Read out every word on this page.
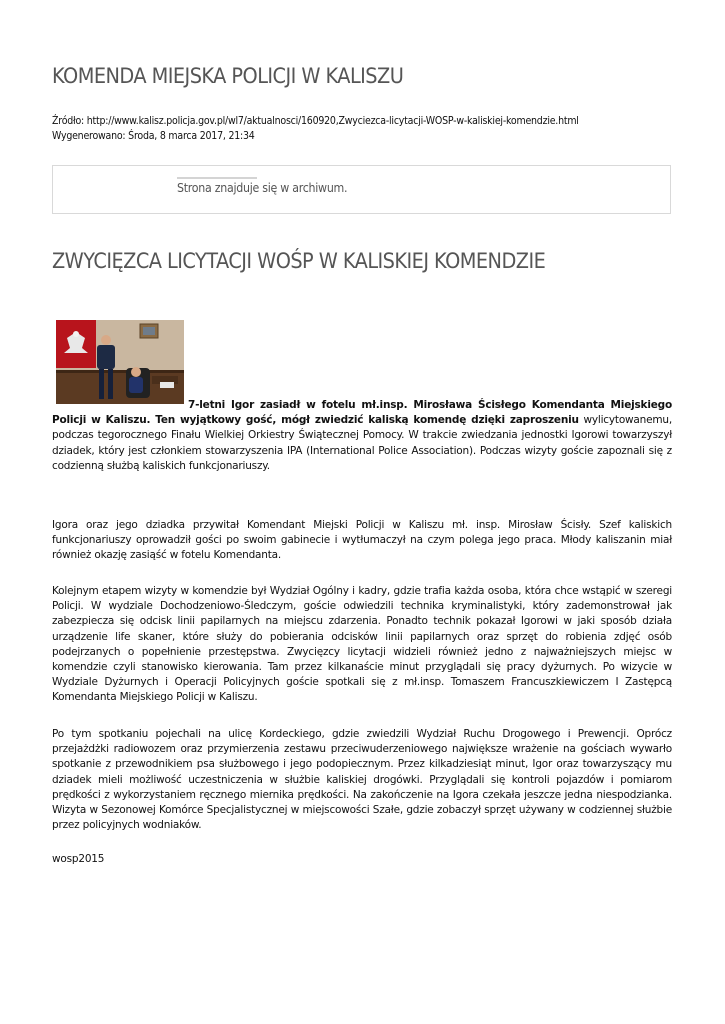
KOMENDA MIEJSKA POLICJI W KALISZU
Źródło: http://www.kalisz.policja.gov.pl/wl7/aktualnosci/160920,Zwyciezca-licytacji-WOSP-w-kaliskiej-komendzie.html
Wygenerowano: Środa, 8 marca 2017, 21:34
Strona znajduje się w archiwum.
ZWYCIĘZCA LICYTACJI WOŚP W KALISKIEJ KOMENDZIE

7-letni Igor zasiadł w fotelu mł.insp. Mirosława Ścisłego Komendanta Miejskiego Policji w Kaliszu. Ten wyjątkowy gość, mógł zwiedzić kaliską komendę dzięki zaproszeniu wylicytowanemu, podczas tegorocznego Finału Wielkiej Orkiestry Świątecznej Pomocy. W trakcie zwiedzania jednostki Igorowi towarzyszył dziadek, który jest członkiem stowarzyszenia IPA (International Police Association). Podczas wizyty goście zapoznali się z codzienną służbą kaliskich funkcjonariuszy.

Igora oraz jego dziadka przywitał Komendant Miejski Policji w Kaliszu mł. insp. Mirosław Ścisły. Szef kaliskich funkcjonariuszy oprowadził gości po swoim gabinecie i wytłumaczył na czym polega jego praca. Młody kaliszanin miał również okazję zasiąść w fotelu Komendanta.

Kolejnym etapem wizyty w komendzie był Wydział Ogólny i kadry, gdzie trafia każda osoba, która chce wstąpić w szeregi Policji. W wydziale Dochodzeniowo-Śledczym, goście odwiedzili technika kryminalistyki, który zademonstrował jak zabezpiecza się odcisk linii papilarnych na miejscu zdarzenia. Ponadto technik pokazał Igorowi w jaki sposób działa urządzenie life skaner, które służy do pobierania odcisków linii papilarnych oraz sprzęt do robienia zdjęć osób podejrzanych o popełnienie przestępstwa. Zwycięzcy licytacji widzieli również jedno z najważniejszych miejsc w komendzie czyli stanowisko kierowania. Tam przez kilkanaście minut przyglądali się pracy dyżurnych. Po wizycie w Wydziale Dyżurnych i Operacji Policyjnych goście spotkali się z mł.insp. Tomaszem Francuszkiewiczem I Zastępcą Komendanta Miejskiego Policji w Kaliszu.

Po tym spotkaniu pojechali na ulicę Kordeckiego, gdzie zwiedzili Wydział Ruchu Drogowego i Prewencji. Oprócz przejażdżki radiowozem oraz przymierzenia zestawu przeciwuderzeniowego największe wrażenie na gościach wywarło spotkanie z przewodnikiem psa służbowego i jego podopiecznym. Przez kilkadziesiąt minut, Igor oraz towarzyszący mu dziadek mieli możliwość uczestniczenia w służbie kaliskiej drogówki. Przyglądali się kontroli pojazdów i pomiarom prędkości z wykorzystaniem ręcznego miernika prędkości. Na zakończenie na Igora czekała jeszcze jedna niespodzianka. Wizyta w Sezonowej Komórce Specjalistycznej w miejscowości Szałe, gdzie zobaczył sprzęt używany w codziennej służbie przez policyjnych wodniaków.

wosp2015
